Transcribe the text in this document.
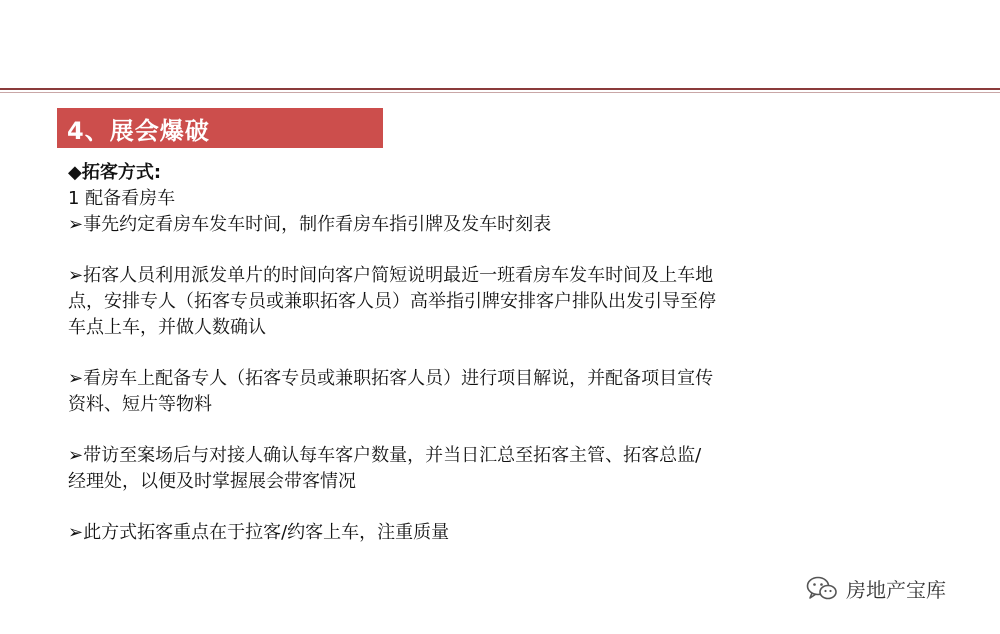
4、展会爆破
◆拓客方式:
1 配备看房车
➢事先约定看房车发车时间，制作看房车指引牌及发车时刻表
➢拓客人员利用派发单片的时间向客户简短说明最近一班看房车发车时间及上车地
点，安排专人（拓客专员或兼职拓客人员）高举指引牌安排客户排队出发引导至停
车点上车，并做人数确认
➢看房车上配备专人（拓客专员或兼职拓客人员）进行项目解说，并配备项目宣传
资料、短片等物料
➢带访至案场后与对接人确认每车客户数量，并当日汇总至拓客主管、拓客总监/
经理处，以便及时掌握展会带客情况
➢此方式拓客重点在于拉客/约客上车，注重质量
房地产宝库
